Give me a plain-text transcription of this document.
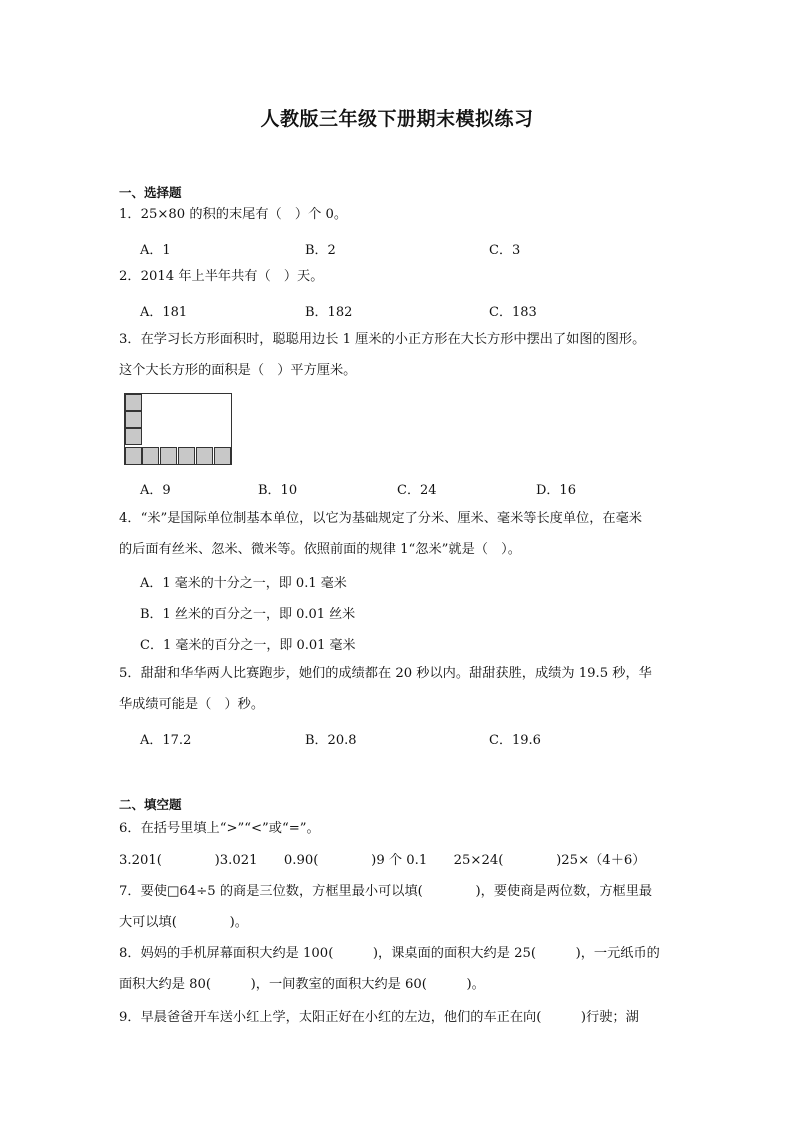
人教版三年级下册期末模拟练习
一、选择题
1．25×80 的积的末尾有（　）个 0。
A．1	B．2	C．3
2．2014 年上半年共有（　）天。
A．181	B．182	C．183
3．在学习长方形面积时，聪聪用边长 1 厘米的小正方形在大长方形中摆出了如图的图形。
这个大长方形的面积是（　）平方厘米。
A．9	B．10	C．24	D．16
4．“米”是国际单位制基本单位，以它为基础规定了分米、厘米、毫米等长度单位，在毫米
的后面有丝米、忽米、微米等。依照前面的规律 1“忽米”就是（　）。
A．1 毫米的十分之一，即 0.1 毫米
B．1 丝米的百分之一，即 0.01 丝米
C．1 毫米的百分之一，即 0.01 毫米
5．甜甜和华华两人比赛跑步，她们的成绩都在 20 秒以内。甜甜获胜，成绩为 19.5 秒，华
华成绩可能是（　）秒。
A．17.2	B．20.8	C．19.6
二、填空题
6．在括号里填上“>”“<”或“=”。
3.201(　　　　)3.021　　0.90(　　　　)9 个 0.1　　25×24(　　　　)25×（4＋6）
7．要使□64÷5 的商是三位数，方框里最小可以填(　　　　)，要使商是两位数，方框里最
大可以填(　　　　)。
8．妈妈的手机屏幕面积大约是 100(　　　)，课桌面的面积大约是 25(　　　)，一元纸币的
面积大约是 80(　　　)，一间教室的面积大约是 60(　　　)。
9．早晨爸爸开车送小红上学，太阳正好在小红的左边，他们的车正在向(　　　)行驶；湖
